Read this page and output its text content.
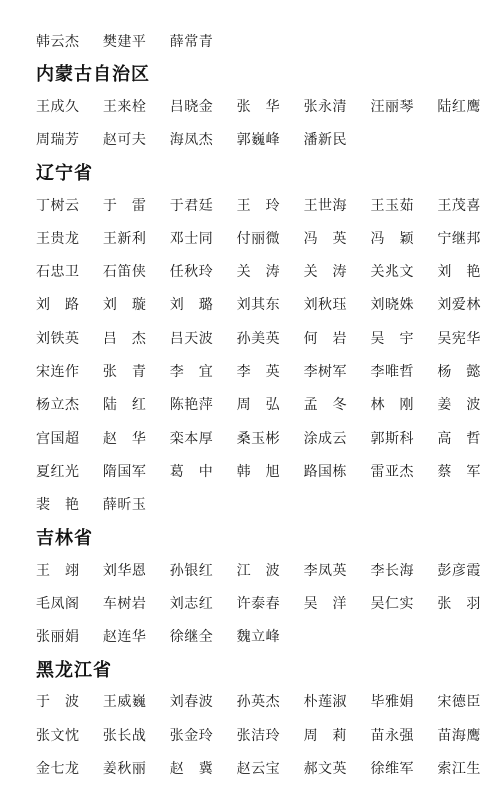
韩云杰	樊建平	薛常青
内蒙古自治区
王成久	王来栓	吕晓金	张　华	张永清	汪丽琴	陆红鹰
周瑞芳	赵可夫	海凤杰	郭巍峰	潘新民
辽宁省
丁树云	于　雷	于君廷	王　玲	王世海	王玉茹	王茂喜
王贵龙	王新利	邓士同	付丽微	冯　英	冯　颖	宁继邦
石忠卫	石笛侠	任秋玲	关　涛	关　涛	关兆文	刘　艳
刘　路	刘　璇	刘　璐	刘其东	刘秋珏	刘晓姝	刘爱林
刘铁英	吕　杰	吕天波	孙美英	何　岩	吴　宇	吴宪华
宋连作	张　青	李　宜	李　英	李树军	李唯哲	杨　懿
杨立杰	陆　红	陈艳萍	周　弘	孟　冬	林　刚	姜　波
宫国超	赵　华	栾本厚	桑玉彬	涂成云	郭斯科	高　哲
夏红光	隋国军	葛　中	韩　旭	路国栋	雷亚杰	蔡　军
裴　艳	薛昕玉
吉林省
王　翊	刘华恩	孙银红	江　波	李凤英	李长海	彭彦霞
毛凤阁	车树岩	刘志红	许泰春	吴　洋	吴仁实	张　羽
张丽娟	赵连华	徐继全	魏立峰
黑龙江省
于　波	王威巍	刘春波	孙英杰	朴莲淑	毕雅娟	宋德臣
张文忱	张长战	张金玲	张洁玲	周　莉	苗永强	苗海鹰
金七龙	姜秋丽	赵　冀	赵云宝	郝文英	徐维军	索江生
